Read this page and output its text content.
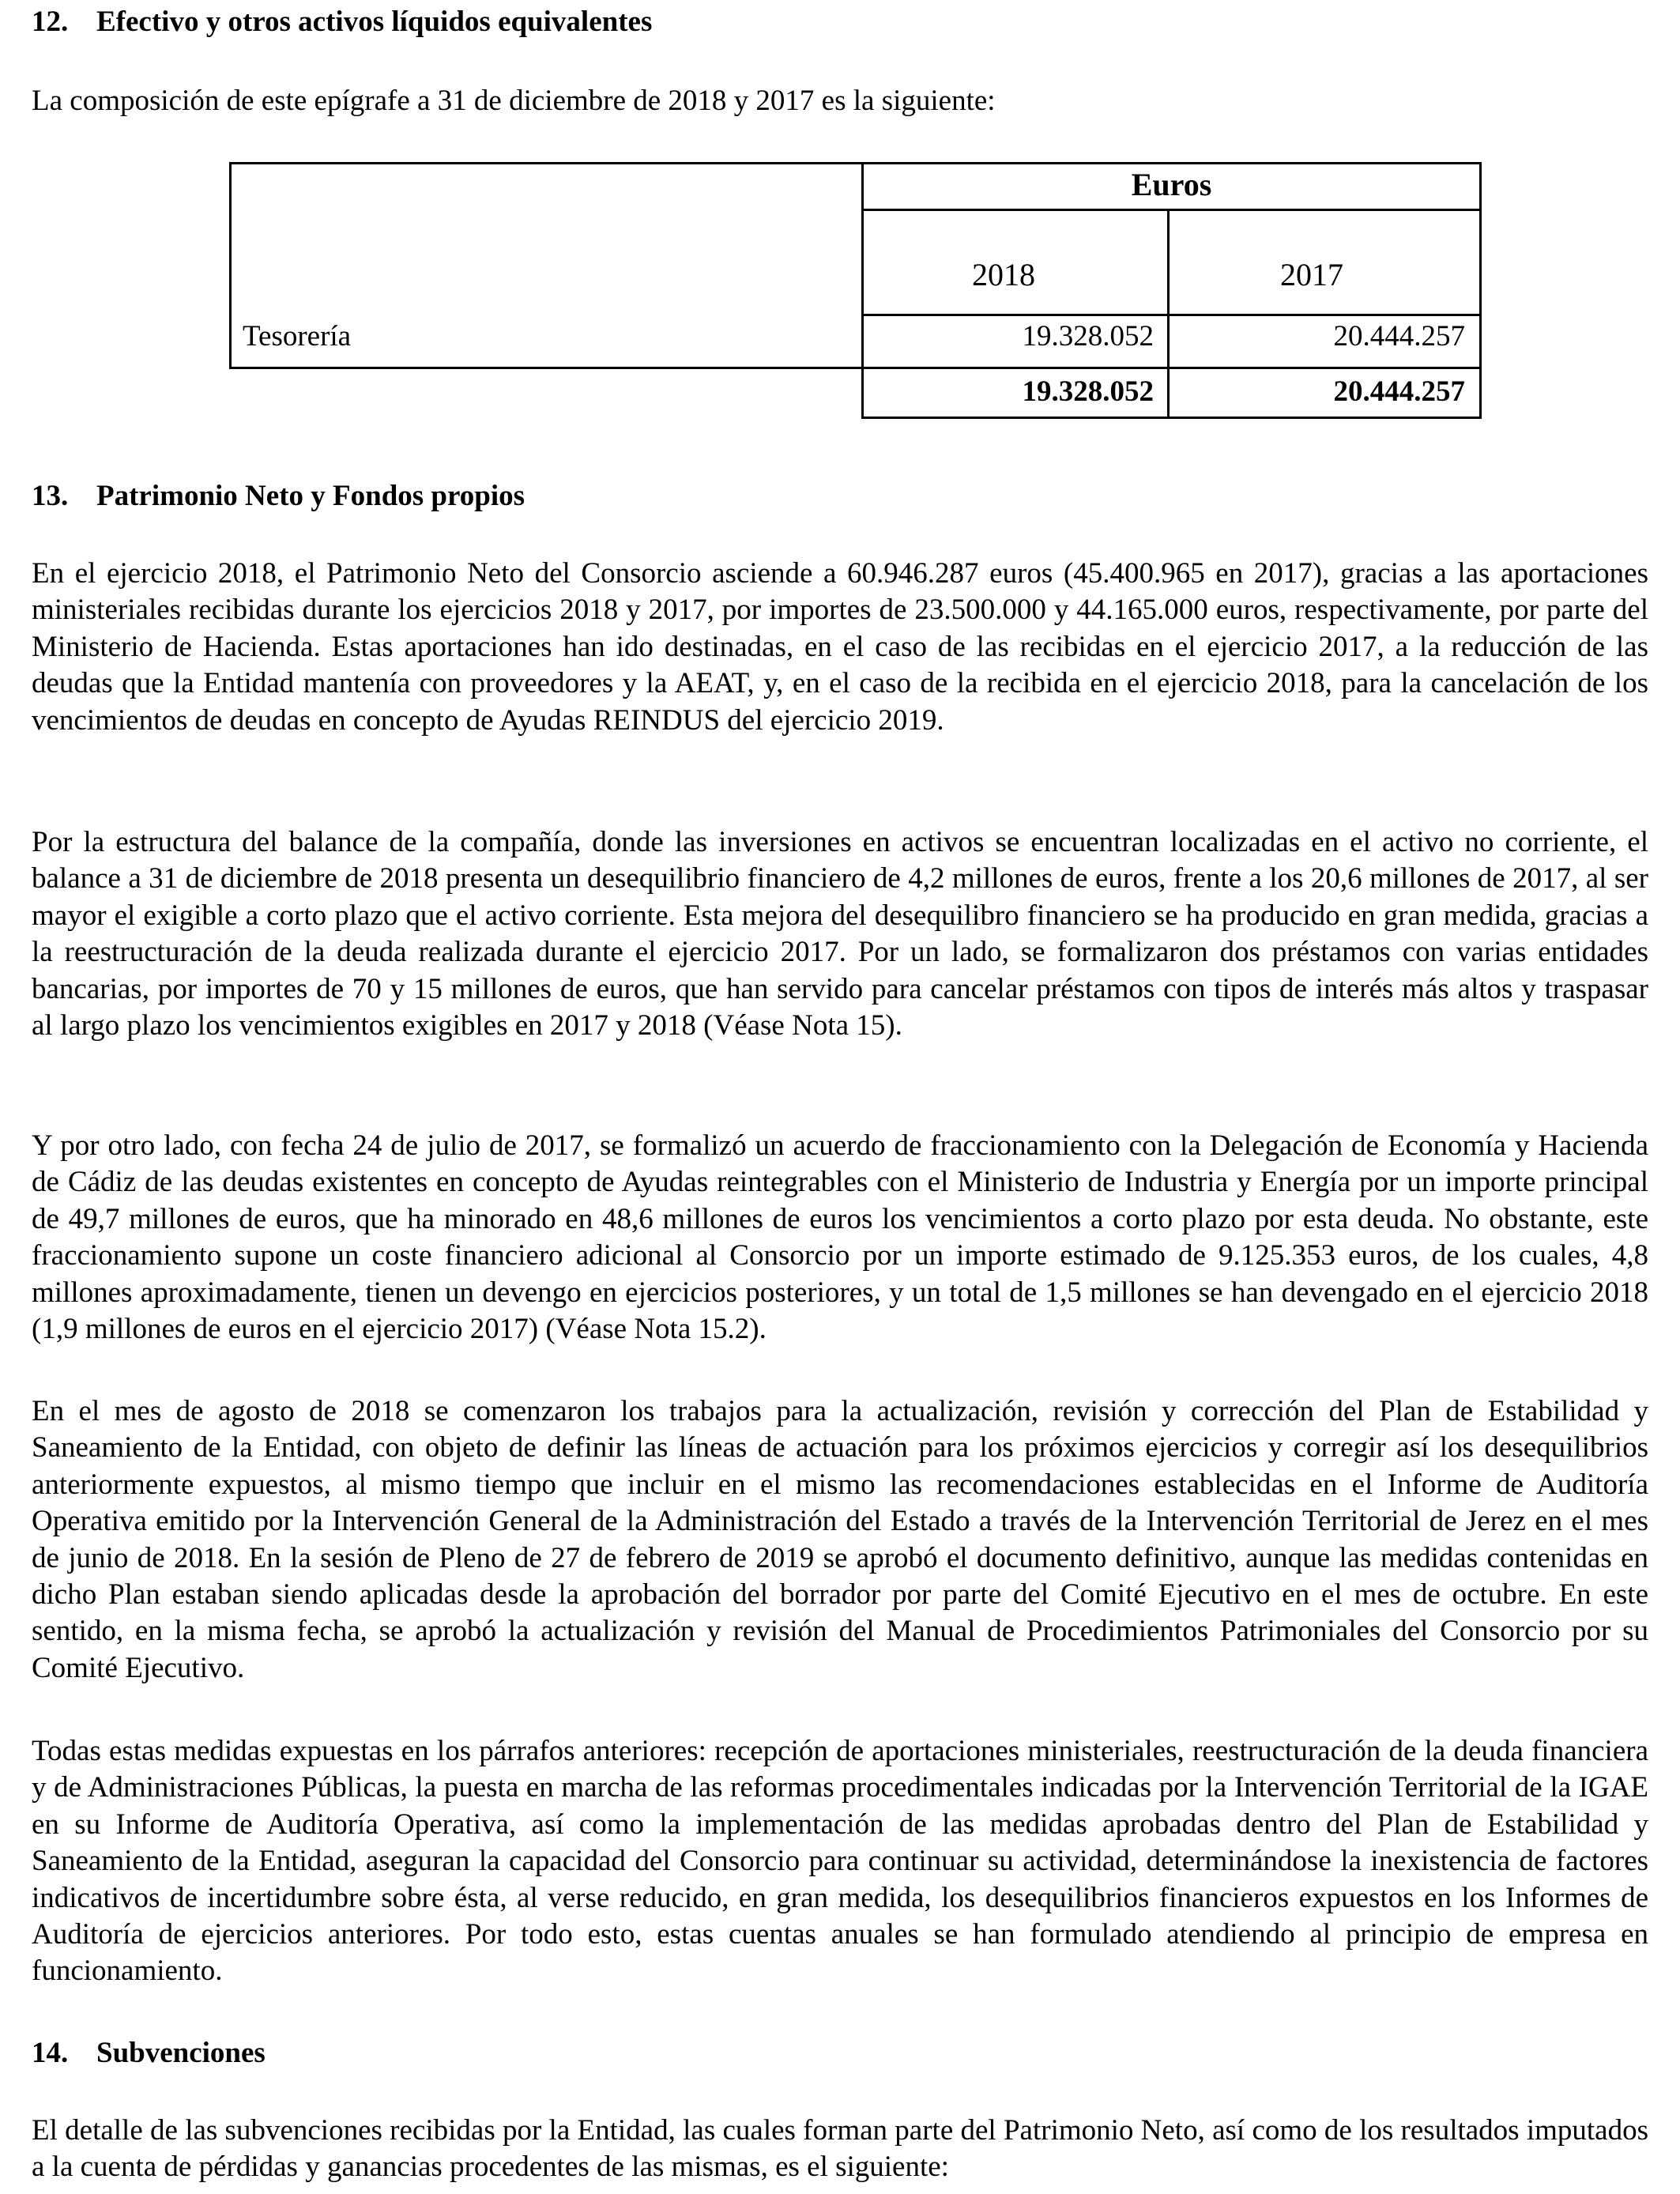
12. Efectivo y otros activos líquidos equivalentes
La composición de este epígrafe a 31 de diciembre de 2018 y 2017 es la siguiente:
Euros
2018	2017
Tesorería	19.328.052	20.444.257
19.328.052	20.444.257
13. Patrimonio Neto y Fondos propios
En el ejercicio 2018, el Patrimonio Neto del Consorcio asciende a 60.946.287 euros (45.400.965 en 2017), gracias a las aportaciones ministeriales recibidas durante los ejercicios 2018 y 2017, por importes de 23.500.000 y 44.165.000 euros, respectivamente, por parte del Ministerio de Hacienda. Estas aportaciones han ido destinadas, en el caso de las recibidas en el ejercicio 2017, a la reducción de las deudas que la Entidad mantenía con proveedores y la AEAT, y, en el caso de la recibida en el ejercicio 2018, para la cancelación de los vencimientos de deudas en concepto de Ayudas REINDUS del ejercicio 2019.
Por la estructura del balance de la compañía, donde las inversiones en activos se encuentran localizadas en el activo no corriente, el balance a 31 de diciembre de 2018 presenta un desequilibrio financiero de 4,2 millones de euros, frente a los 20,6 millones de 2017, al ser mayor el exigible a corto plazo que el activo corriente. Esta mejora del desequilibro financiero se ha producido en gran medida, gracias a la reestructuración de la deuda realizada durante el ejercicio 2017. Por un lado, se formalizaron dos préstamos con varias entidades bancarias, por importes de 70 y 15 millones de euros, que han servido para cancelar préstamos con tipos de interés más altos y traspasar al largo plazo los vencimientos exigibles en 2017 y 2018 (Véase Nota 15).
Y por otro lado, con fecha 24 de julio de 2017, se formalizó un acuerdo de fraccionamiento con la Delegación de Economía y Hacienda de Cádiz de las deudas existentes en concepto de Ayudas reintegrables con el Ministerio de Industria y Energía por un importe principal de 49,7 millones de euros, que ha minorado en 48,6 millones de euros los vencimientos a corto plazo por esta deuda. No obstante, este fraccionamiento supone un coste financiero adicional al Consorcio por un importe estimado de 9.125.353 euros, de los cuales, 4,8 millones aproximadamente, tienen un devengo en ejercicios posteriores, y un total de 1,5 millones se han devengado en el ejercicio 2018 (1,9 millones de euros en el ejercicio 2017) (Véase Nota 15.2).
En el mes de agosto de 2018 se comenzaron los trabajos para la actualización, revisión y corrección del Plan de Estabilidad y Saneamiento de la Entidad, con objeto de definir las líneas de actuación para los próximos ejercicios y corregir así los desequilibrios anteriormente expuestos, al mismo tiempo que incluir en el mismo las recomendaciones establecidas en el Informe de Auditoría Operativa emitido por la Intervención General de la Administración del Estado a través de la Intervención Territorial de Jerez en el mes de junio de 2018. En la sesión de Pleno de 27 de febrero de 2019 se aprobó el documento definitivo, aunque las medidas contenidas en dicho Plan estaban siendo aplicadas desde la aprobación del borrador por parte del Comité Ejecutivo en el mes de octubre. En este sentido, en la misma fecha, se aprobó la actualización y revisión del Manual de Procedimientos Patrimoniales del Consorcio por su Comité Ejecutivo.
Todas estas medidas expuestas en los párrafos anteriores: recepción de aportaciones ministeriales, reestructuración de la deuda financiera y de Administraciones Públicas, la puesta en marcha de las reformas procedimentales indicadas por la Intervención Territorial de la IGAE en su Informe de Auditoría Operativa, así como la implementación de las medidas aprobadas dentro del Plan de Estabilidad y Saneamiento de la Entidad, aseguran la capacidad del Consorcio para continuar su actividad, determinándose la inexistencia de factores indicativos de incertidumbre sobre ésta, al verse reducido, en gran medida, los desequilibrios financieros expuestos en los Informes de Auditoría de ejercicios anteriores. Por todo esto, estas cuentas anuales se han formulado atendiendo al principio de empresa en funcionamiento.
14. Subvenciones
El detalle de las subvenciones recibidas por la Entidad, las cuales forman parte del Patrimonio Neto, así como de los resultados imputados a la cuenta de pérdidas y ganancias procedentes de las mismas, es el siguiente:
